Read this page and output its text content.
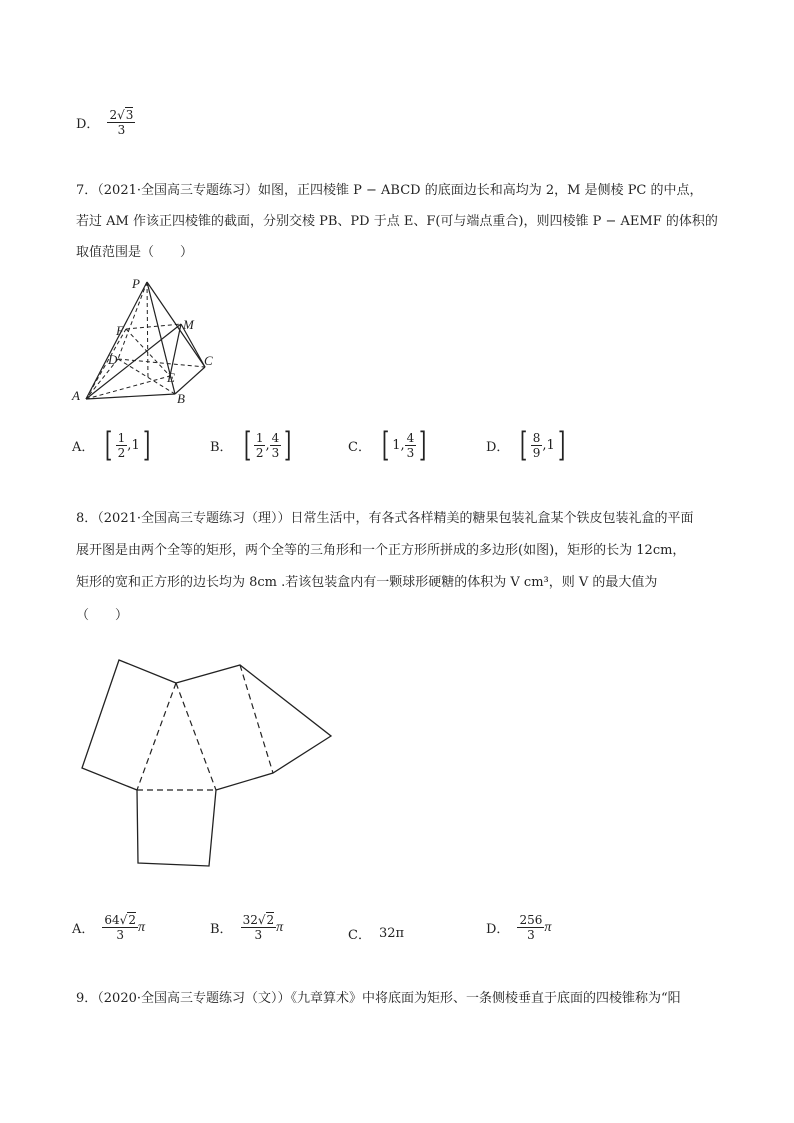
D． $\frac{2√3}{3}$
7．（2021·全国高三专题练习）如图，正四棱锥 P − ABCD 的底面边长和高均为 2，M 是侧棱 PC 的中点，
若过 AM 作该正四棱锥的截面，分别交棱 PB、PD 于点 E、F(可与端点重合)，则四棱锥 P − AEMF 的体积的
取值范围是（　　）
P
M
F
D	C
E
A	B
A． [ $\frac{1}{2}$ , 1 ]	B． [ $\frac{1}{2}$ , $\frac{4}{3}$ ]	C． [ 1 , $\frac{4}{3}$ ]	D． [ $\frac{8}{9}$ , 1 ]
8．（2021·全国高三专题练习（理））日常生活中，有各式各样精美的糖果包装礼盒某个铁皮包装礼盒的平面
展开图是由两个全等的矩形，两个全等的三角形和一个正方形所拼成的多边形(如图)，矩形的长为 12cm，
矩形的宽和正方形的边长均为 8cm .若该包装盒内有一颗球形硬糖的体积为 V cm³，则 V 的最大值为
（　　）
A． $\frac{64√2}{3}$ π	B． $\frac{32√2}{3}$ π
C． 32π	D． $\frac{256}{3}$ π
9．（2020·全国高三专题练习（文））《九章算术》中将底面为矩形、一条侧棱垂直于底面的四棱锥称为“阳
